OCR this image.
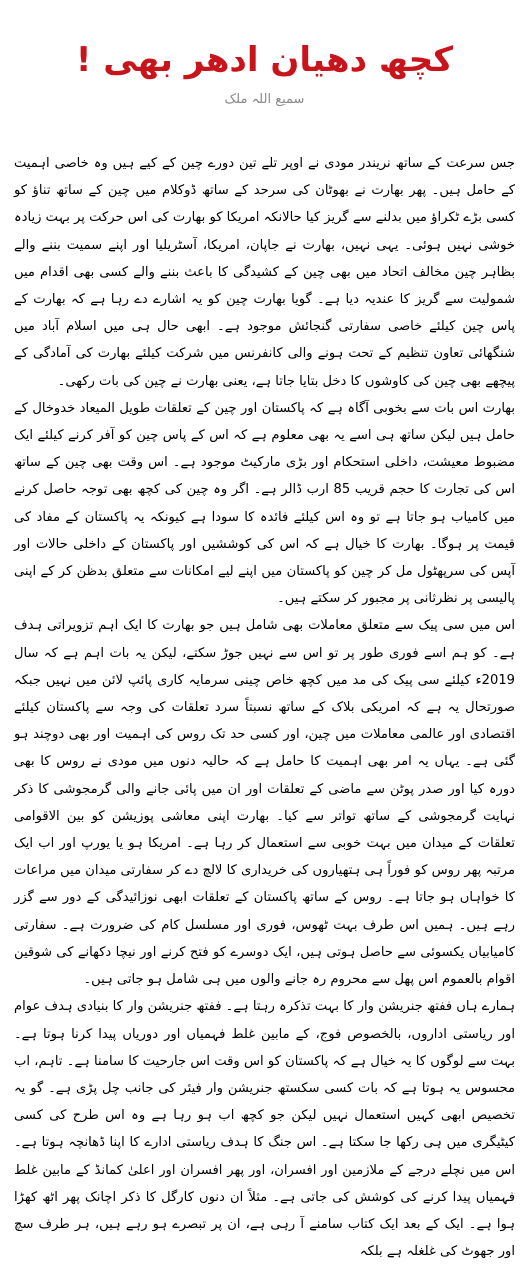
کچھ دھیان ادھر بھی !
سمیع اللہ ملک

جس سرعت کے ساتھ نریندر مودی نے اوپر تلے تین دورے چین کے کیے ہیں وہ خاصی اہمیت کے حامل ہیں۔ پھر بھارت نے بھوٹان کی سرحد کے ساتھ ڈوکلام میں چین کے ساتھ تناؤ کو کسی بڑے ٹکراؤ میں بدلنے سے گریز کیا حالانکہ امریکا کو بھارت کی اس حرکت پر بہت زیادہ خوشی نہیں ہوئی۔ یہی نہیں، بھارت نے جاپان، امریکا، آسٹریلیا اور اپنے سمیت بننے والے بظاہر چین مخالف اتحاد میں بھی چین کے کشیدگی کا باعث بننے والے کسی بھی اقدام میں شمولیت سے گریز کا عندیہ دیا ہے۔ گویا بھارت چین کو یہ اشارے دے رہا ہے کہ بھارت کے پاس چین کیلئے خاصی سفارتی گنجائش موجود ہے۔ ابھی حال ہی میں اسلام آباد میں شنگھائی تعاون تنظیم کے تحت ہونے والی کانفرنس میں شرکت کیلئے بھارت کی آمادگی کے پیچھے بھی چین کی کاوشوں کا دخل بتایا جاتا ہے، یعنی بھارت نے چین کی بات رکھی۔

بھارت اس بات سے بخوبی آگاہ ہے کہ پاکستان اور چین کے تعلقات طویل المیعاد خدوخال کے حامل ہیں لیکن ساتھ ہی اسے یہ بھی معلوم ہے کہ اس کے پاس چین کو آفر کرنے کیلئے ایک مضبوط معیشت، داخلی استحکام اور بڑی مارکیٹ موجود ہے۔ اس وقت بھی چین کے ساتھ اس کی تجارت کا حجم قریب 85 ارب ڈالر ہے۔ اگر وہ چین کی کچھ بھی توجہ حاصل کرنے میں کامیاب ہو جاتا ہے تو وہ اس کیلئے فائدہ کا سودا ہے کیونکہ یہ پاکستان کے مفاد کی قیمت پر ہوگا۔ بھارت کا خیال ہے کہ اس کی کوششیں اور پاکستان کے داخلی حالات اور آپس کی سرپھٹول مل کر چین کو پاکستان میں اپنے لیے امکانات سے متعلق بدظن کر کے اپنی پالیسی پر نظرثانی پر مجبور کر سکتے ہیں۔

اس میں سی پیک سے متعلق معاملات بھی شامل ہیں جو بھارت کا ایک اہم تزویراتی ہدف ہے۔ کو ہم اسے فوری طور پر تو اس سے نہیں جوڑ سکتے، لیکن یہ بات اہم ہے کہ سال 2019ء کیلئے سی پیک کی مد میں کچھ خاص چینی سرمایہ کاری پائپ لائن میں نہیں جبکہ صورتحال یہ ہے کہ امریکی بلاک کے ساتھ نسبتاً سرد تعلقات کی وجہ سے پاکستان کیلئے اقتصادی اور عالمی معاملات میں چین، اور کسی حد تک روس کی اہمیت اور بھی دوچند ہو گئی ہے۔ یہاں یہ امر بھی اہمیت کا حامل ہے کہ حالیہ دنوں میں مودی نے روس کا بھی دورہ کیا اور صدر پوٹن سے ماضی کے تعلقات اور ان میں پائی جانے والی گرمجوشی کا ذکر نہایت گرمجوشی کے ساتھ تواتر سے کیا۔ بھارت اپنی معاشی پوزیشن کو بین الاقوامی تعلقات کے میدان میں بہت خوبی سے استعمال کر رہا ہے۔ امریکا ہو یا یورپ اور اب ایک مرتبہ پھر روس کو فوراً ہی ہتھیاروں کی خریداری کا لالچ دے کر سفارتی میدان میں مراعات کا خواہاں ہو جاتا ہے۔ روس کے ساتھ پاکستان کے تعلقات ابھی نوزائیدگی کے دور سے گزر رہے ہیں۔ ہمیں اس طرف بہت ٹھوس، فوری اور مسلسل کام کی ضرورت ہے۔ سفارتی کامیابیاں یکسوئی سے حاصل ہوتی ہیں، ایک دوسرے کو فتح کرنے اور نیچا دکھانے کی شوقین اقوام بالعموم اس پھل سے محروم رہ جانے والوں میں ہی شامل ہو جاتی ہیں۔

ہمارے ہاں ففتھ جنریشن وار کا بہت تذکرہ رہتا ہے۔ ففتھ جنریشن وار کا بنیادی ہدف عوام اور ریاستی اداروں، بالخصوص فوج، کے مابین غلط فہمیاں اور دوریاں پیدا کرنا ہوتا ہے۔ بہت سے لوگوں کا یہ خیال ہے کہ پاکستان کو اس وقت اس جارحیت کا سامنا ہے۔ تاہم، اب محسوس یہ ہوتا ہے کہ بات کسی سکستھ جنریشن وار فیئر کی جانب چل پڑی ہے۔ گو یہ تخصیص ابھی کہیں استعمال نہیں لیکن جو کچھ اب ہو رہا ہے وہ اس طرح کی کسی کیٹیگری میں ہی رکھا جا سکتا ہے۔ اس جنگ کا ہدف ریاستی ادارے کا اپنا ڈھانچہ ہوتا ہے۔ اس میں نچلے درجے کے ملازمین اور افسران، اور پھر افسران اور اعلیٰ کمانڈ کے مابین غلط فہمیاں پیدا کرنے کی کوشش کی جاتی ہے۔ مثلاً ان دنوں کارگل کا ذکر اچانک پھر اٹھ کھڑا ہوا ہے۔ ایک کے بعد ایک کتاب سامنے آ رہی ہے، ان پر تبصرے ہو رہے ہیں، ہر طرف سچ اور جھوٹ کی غلغلہ ہے بلکہ
